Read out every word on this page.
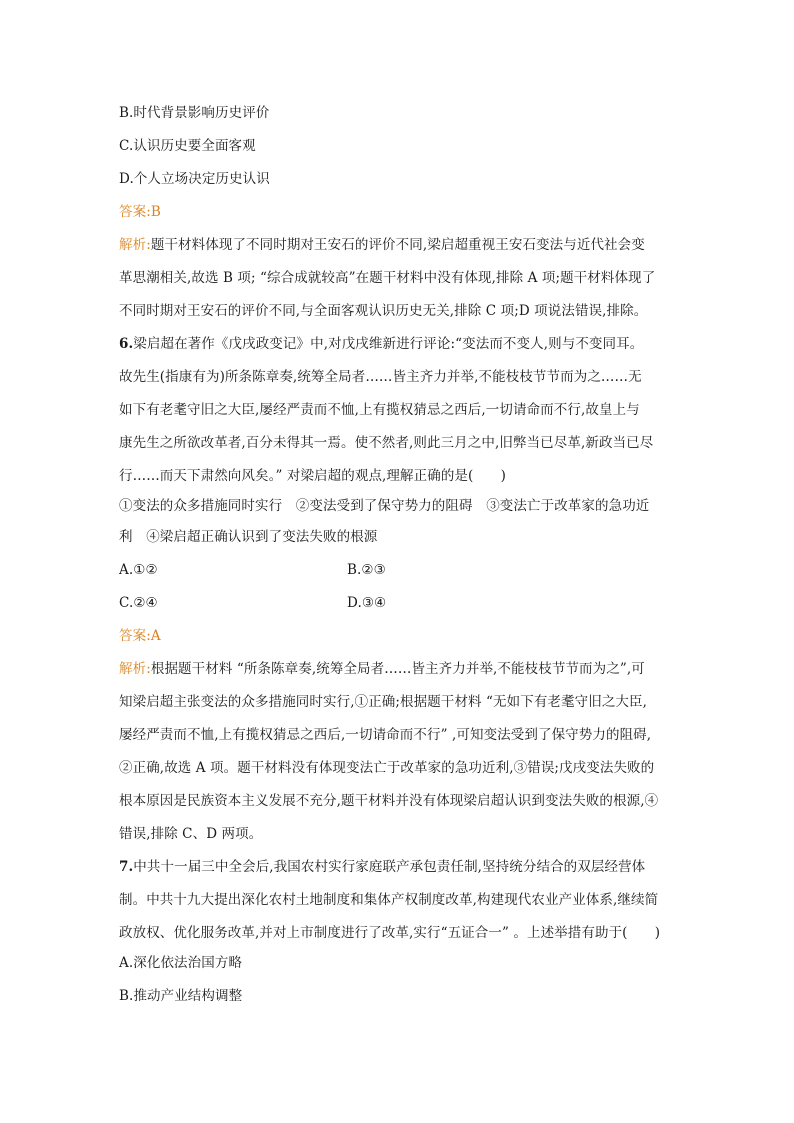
B.时代背景影响历史评价
C.认识历史要全面客观
D.个人立场决定历史认识
答案:B
解析:题干材料体现了不同时期对王安石的评价不同,梁启超重视王安石变法与近代社会变
革思潮相关,故选 B 项; “综合成就较高”在题干材料中没有体现,排除 A 项;题干材料体现了
不同时期对王安石的评价不同,与全面客观认识历史无关,排除 C 项;D 项说法错误,排除。
6.梁启超在著作《戊戌政变记》中,对戊戌维新进行评论:“变法而不变人,则与不变同耳。
故先生(指康有为)所条陈章奏,统筹全局者……皆主齐力并举,不能枝枝节节而为之……无
如下有老耄守旧之大臣,屡经严责而不恤,上有揽权猜忌之西后,一切请命而不行,故皇上与
康先生之所欲改革者,百分未得其一焉。使不然者,则此三月之中,旧弊当已尽革,新政当已尽
行……而天下肃然向风矣。” 对梁启超的观点,理解正确的是(　　)
①变法的众多措施同时实行　②变法受到了保守势力的阻碍　③变法亡于改革家的急功近
利　④梁启超正确认识到了变法失败的根源
A.①②	B.②③
C.②④	D.③④
答案:A
解析:根据题干材料 “所条陈章奏,统筹全局者……皆主齐力并举,不能枝枝节节而为之”,可
知梁启超主张变法的众多措施同时实行,①正确;根据题干材料 “无如下有老耄守旧之大臣,
屡经严责而不恤,上有揽权猜忌之西后,一切请命而不行” ,可知变法受到了保守势力的阻碍,
②正确,故选 A 项。题干材料没有体现变法亡于改革家的急功近利,③错误;戊戌变法失败的
根本原因是民族资本主义发展不充分,题干材料并没有体现梁启超认识到变法失败的根源,④
错误,排除 C、D 两项。
7.中共十一届三中全会后,我国农村实行家庭联产承包责任制,坚持统分结合的双层经营体
制。中共十九大提出深化农村土地制度和集体产权制度改革,构建现代农业产业体系,继续简
政放权、优化服务改革,并对上市制度进行了改革,实行“五证合一” 。上述举措有助于(　　)
A.深化依法治国方略
B.推动产业结构调整
